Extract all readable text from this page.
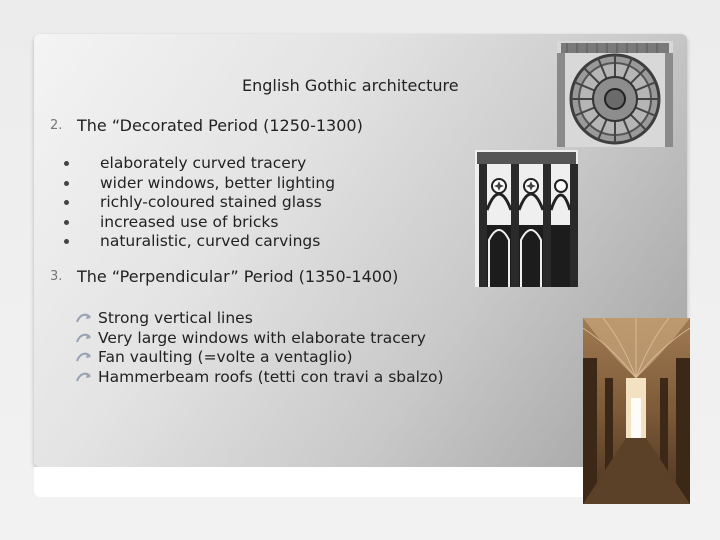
English Gothic architecture
2. The “Decorated Period (1250-1300)
elaborately curved tracery
wider windows, better lighting
richly-coloured stained glass
increased use of bricks
naturalistic, curved carvings
3. The “Perpendicular” Period (1350-1400)
Strong vertical lines
Very large windows with elaborate tracery
Fan vaulting (=volte a ventaglio)
Hammerbeam roofs (tetti con travi a sbalzo)
